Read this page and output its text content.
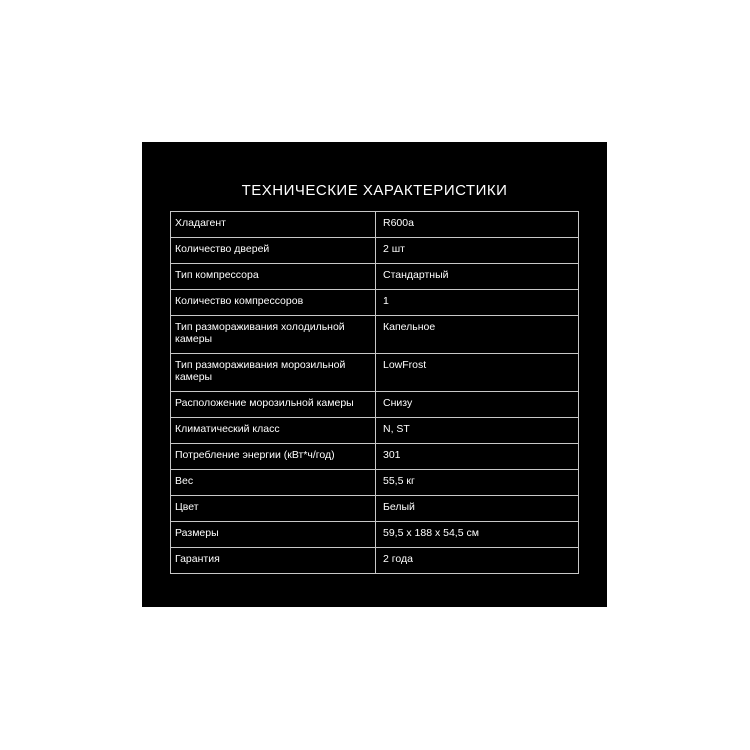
ТЕХНИЧЕСКИЕ ХАРАКТЕРИСТИКИ
Хладагент	R600a
Количество дверей	2 шт
Тип компрессора	Стандартный
Количество компрессоров	1
Тип размораживания холодильной камеры	Капельное
Тип размораживания морозильной камеры	LowFrost
Расположение морозильной камеры	Снизу
Климатический класс	N, ST
Потребление энергии (кВт*ч/год)	301
Вес	55,5 кг
Цвет	Белый
Размеры	59,5 x 188 x 54,5 см
Гарантия	2 года
